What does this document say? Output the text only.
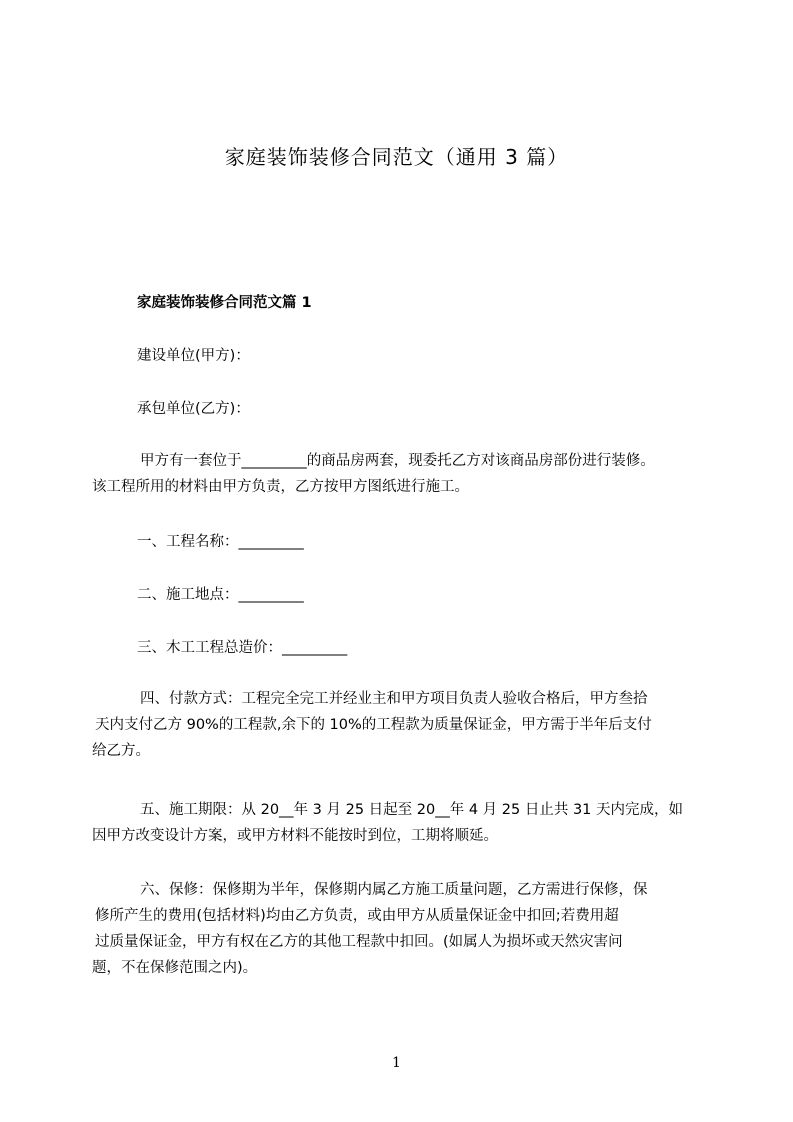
家庭装饰装修合同范文（通用 3 篇）
家庭装饰装修合同范文篇 1
建设单位(甲方)：
承包单位(乙方)：
甲方有一套位于_________的商品房两套，现委托乙方对该商品房部份进行装修。
该工程所用的材料由甲方负责，乙方按甲方图纸进行施工。
一、工程名称：_________
二、施工地点：_________
三、木工工程总造价：_________
四、付款方式：工程完全完工并经业主和甲方项目负责人验收合格后，甲方叁拾
天内支付乙方 90%的工程款,余下的 10%的工程款为质量保证金，甲方需于半年后支付
给乙方。
五、施工期限：从 20__年 3 月 25 日起至 20__年 4 月 25 日止共 31 天内完成，如
因甲方改变设计方案，或甲方材料不能按时到位，工期将顺延。
六、保修：保修期为半年，保修期内属乙方施工质量问题，乙方需进行保修，保
修所产生的费用(包括材料)均由乙方负责，或由甲方从质量保证金中扣回;若费用超
过质量保证金，甲方有权在乙方的其他工程款中扣回。(如属人为损坏或天然灾害问
题，不在保修范围之内)。
1
